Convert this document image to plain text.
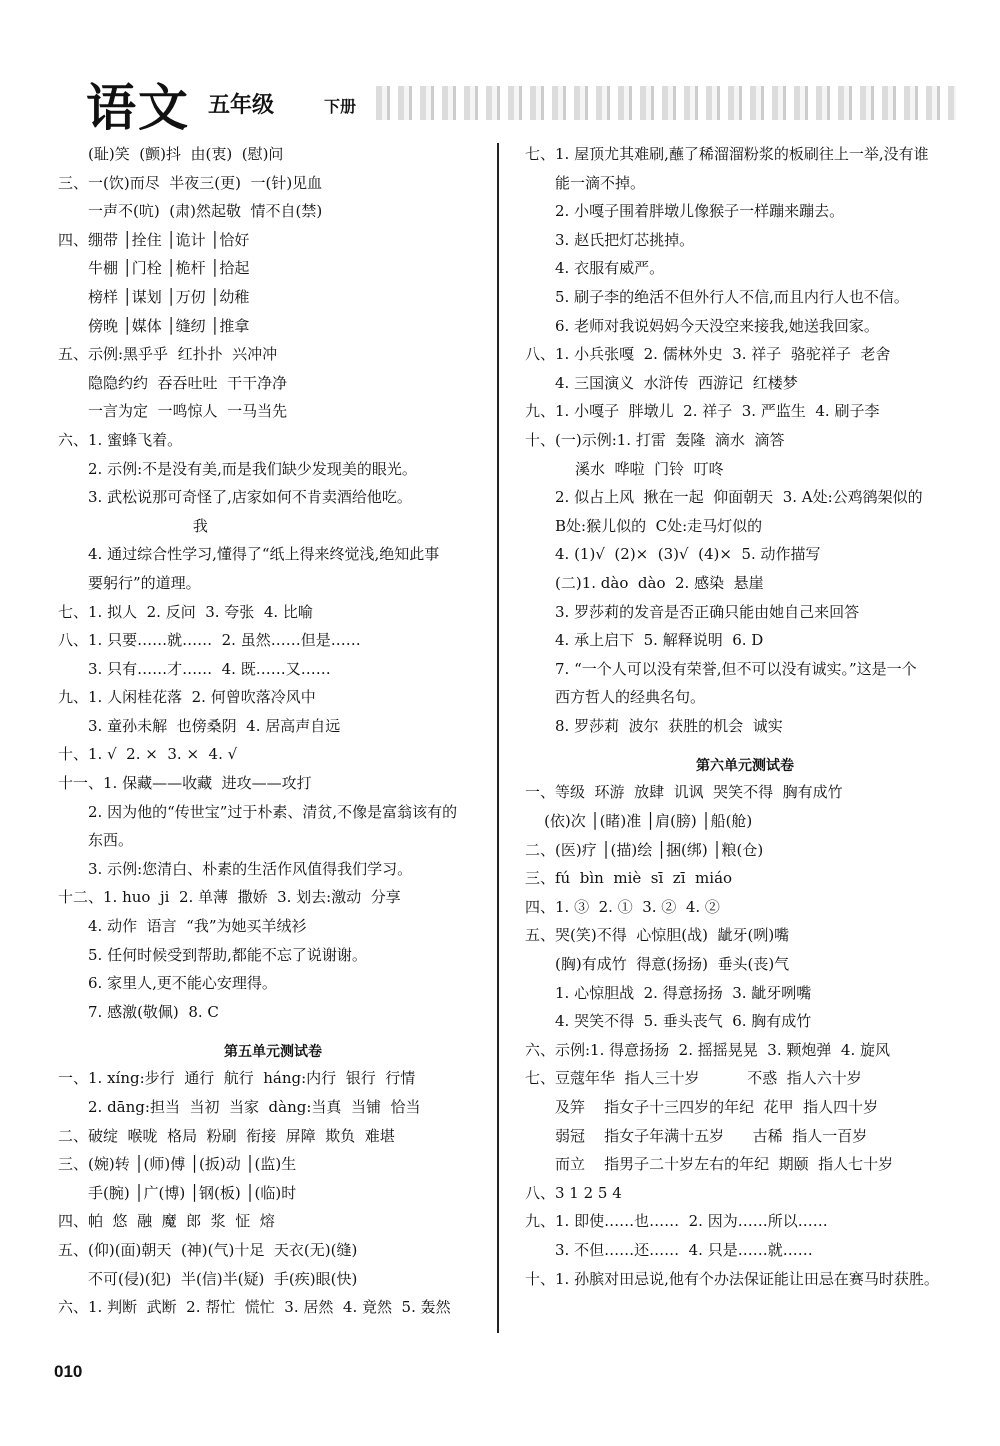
语文 五年级	下册
(耻)笑  (颤)抖  由(衷)  (慰)问
三、一(饮)而尽  半夜三(更)  一(针)见血
一声不(吭)  (肃)然起敬  情不自(禁)
四、绷带 │拴住 │诡计 │恰好
牛棚 │门栓 │桅杆 │拾起
榜样 │谋划 │万仞 │幼稚
傍晚 │媒体 │缝纫 │推拿
五、示例:黑乎乎  红扑扑  兴冲冲
隐隐约约  吞吞吐吐  干干净净
一言为定  一鸣惊人  一马当先
六、1. 蜜蜂飞着。
2. 示例:不是没有美,而是我们缺少发现美的眼光。
3. 武松说那可奇怪了,店家如何不肯卖酒给他吃。
我
4. 通过综合性学习,懂得了“纸上得来终觉浅,绝知此事
要躬行”的道理。
七、1. 拟人  2. 反问  3. 夸张  4. 比喻
八、1. 只要……就……  2. 虽然……但是……
3. 只有……才……  4. 既……又……
九、1. 人闲桂花落  2. 何曾吹落冷风中
3. 童孙未解  也傍桑阴  4. 居高声自远
十、1. √  2. ×  3. ×  4. √
十一、1. 保藏——收藏  进攻——攻打
2. 因为他的“传世宝”过于朴素、清贫,不像是富翁该有的
东西。
3. 示例:您清白、朴素的生活作风值得我们学习。
十二、1. huo  ji  2. 单薄  撒娇  3. 划去:激动  分享
4. 动作  语言  “我”为她买羊绒衫
5. 任何时候受到帮助,都能不忘了说谢谢。
6. 家里人,更不能心安理得。
7. 感激(敬佩)  8. C
第五单元测试卷
一、1. xíng:步行  通行  航行  háng:内行  银行  行情
2. dāng:担当  当初  当家  dàng:当真  当铺  恰当
二、破绽  喉咙  格局  粉刷  衔接  屏障  欺负  难堪
三、(婉)转 │(师)傅 │(扳)动 │(监)生
手(腕) │广(博) │钢(板) │(临)时
四、帕  悠  融  魔  郎  浆  怔  熔
五、(仰)(面)朝天  (神)(气)十足  天衣(无)(缝)
不可(侵)(犯)  半(信)半(疑)  手(疾)眼(快)
六、1. 判断  武断  2. 帮忙  慌忙  3. 居然  4. 竟然  5. 轰然
七、1. 屋顶尤其难刷,蘸了稀溜溜粉浆的板刷往上一举,没有谁
能一滴不掉。
2. 小嘎子围着胖墩儿像猴子一样蹦来蹦去。
3. 赵氏把灯芯挑掉。
4. 衣服有威严。
5. 刷子李的绝活不但外行人不信,而且内行人也不信。
6. 老师对我说妈妈今天没空来接我,她送我回家。
八、1. 小兵张嘎  2. 儒林外史  3. 祥子  骆驼祥子  老舍
4. 三国演义  水浒传  西游记  红楼梦
九、1. 小嘎子  胖墩儿  2. 祥子  3. 严监生  4. 刷子李
十、(一)示例:1. 打雷  轰隆  滴水  滴答
溪水  哗啦  门铃  叮咚
2. 似占上风  揪在一起  仰面朝天  3. A处:公鸡鹆架似的
B处:猴儿似的  C处:走马灯似的
4. (1)√  (2)×  (3)√  (4)×  5. 动作描写
(二)1. dào  dào  2. 感染  悬崖
3. 罗莎莉的发音是否正确只能由她自己来回答
4. 承上启下  5. 解释说明  6. D
7. “一个人可以没有荣誉,但不可以没有诚实。”这是一个
西方哲人的经典名句。
8. 罗莎莉  波尔  获胜的机会  诚实
第六单元测试卷
一、等级  环游  放肆  讥讽  哭笑不得  胸有成竹
(依)次 │(睹)准 │肩(膀) │船(舱)
二、(医)疗 │(描)绘 │捆(绑) │粮(仓)
三、fú  bìn  miè  sī  zī  miáo
四、1. ③  2. ①  3. ②  4. ②
五、哭(笑)不得  心惊胆(战)  龇牙(咧)嘴
(胸)有成竹  得意(扬扬)  垂头(丧)气
1. 心惊胆战  2. 得意扬扬  3. 龇牙咧嘴
4. 哭笑不得  5. 垂头丧气  6. 胸有成竹
六、示例:1. 得意扬扬  2. 摇摇晃晃  3. 颗炮弹  4. 旋风
七、豆蔻年华  指人三十岁          不惑  指人六十岁
及笄    指女子十三四岁的年纪  花甲  指人四十岁
弱冠    指女子年满十五岁      古稀  指人一百岁
而立    指男子二十岁左右的年纪  期颐  指人七十岁
八、3 1 2 5 4
九、1. 即使……也……  2. 因为……所以……
3. 不但……还……  4. 只是……就……
十、1. 孙膑对田忌说,他有个办法保证能让田忌在赛马时获胜。
010
